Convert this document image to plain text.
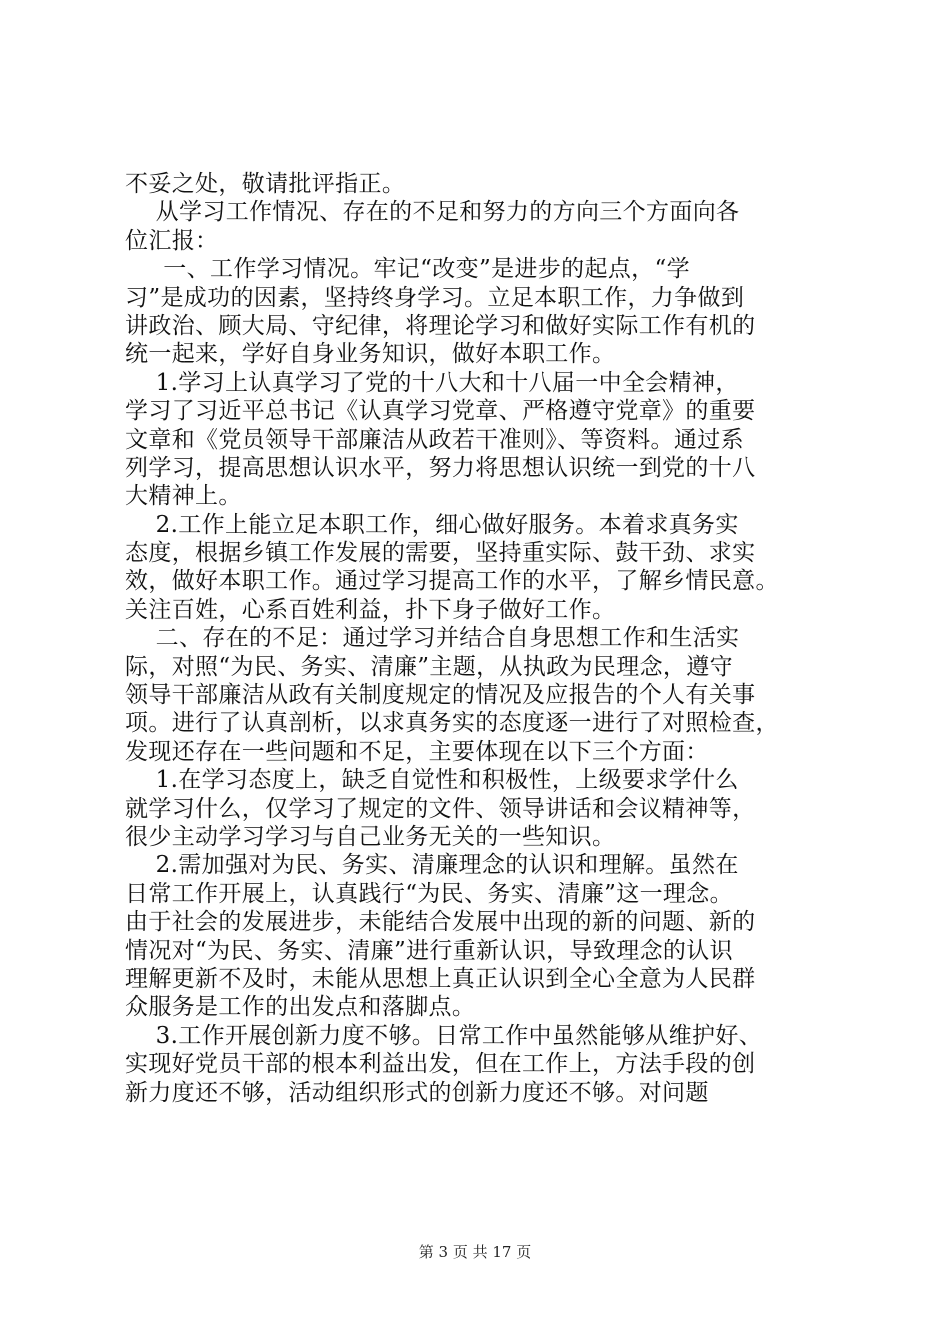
不妥之处，敬请批评指正。
从学习工作情况、存在的不足和努力的方向三个方面向各
位汇报：
一、工作学习情况。牢记“改变”是进步的起点，“学
习”是成功的因素，坚持终身学习。立足本职工作，力争做到
讲政治、顾大局、守纪律，将理论学习和做好实际工作有机的
统一起来，学好自身业务知识，做好本职工作。
1.学习上认真学习了党的十八大和十八届一中全会精神，
学习了习近平总书记《认真学习党章、严格遵守党章》的重要
文章和《党员领导干部廉洁从政若干准则》、等资料。通过系
列学习，提高思想认识水平，努力将思想认识统一到党的十八
大精神上。
2.工作上能立足本职工作，细心做好服务。本着求真务实
态度，根据乡镇工作发展的需要，坚持重实际、鼓干劲、求实
效，做好本职工作。通过学习提高工作的水平，了解乡情民意。
关注百姓，心系百姓利益，扑下身子做好工作。
二、存在的不足：通过学习并结合自身思想工作和生活实
际，对照“为民、务实、清廉”主题，从执政为民理念，遵守
领导干部廉洁从政有关制度规定的情况及应报告的个人有关事
项。进行了认真剖析，以求真务实的态度逐一进行了对照检查，
发现还存在一些问题和不足，主要体现在以下三个方面：
1.在学习态度上，缺乏自觉性和积极性，上级要求学什么
就学习什么，仅学习了规定的文件、领导讲话和会议精神等，
很少主动学习学习与自己业务无关的一些知识。
2.需加强对为民、务实、清廉理念的认识和理解。虽然在
日常工作开展上，认真践行“为民、务实、清廉”这一理念。
由于社会的发展进步，未能结合发展中出现的新的问题、新的
情况对“为民、务实、清廉”进行重新认识，导致理念的认识
理解更新不及时，未能从思想上真正认识到全心全意为人民群
众服务是工作的出发点和落脚点。
3.工作开展创新力度不够。日常工作中虽然能够从维护好、
实现好党员干部的根本利益出发，但在工作上，方法手段的创
新力度还不够，活动组织形式的创新力度还不够。对问题
第 3 页 共 17 页
